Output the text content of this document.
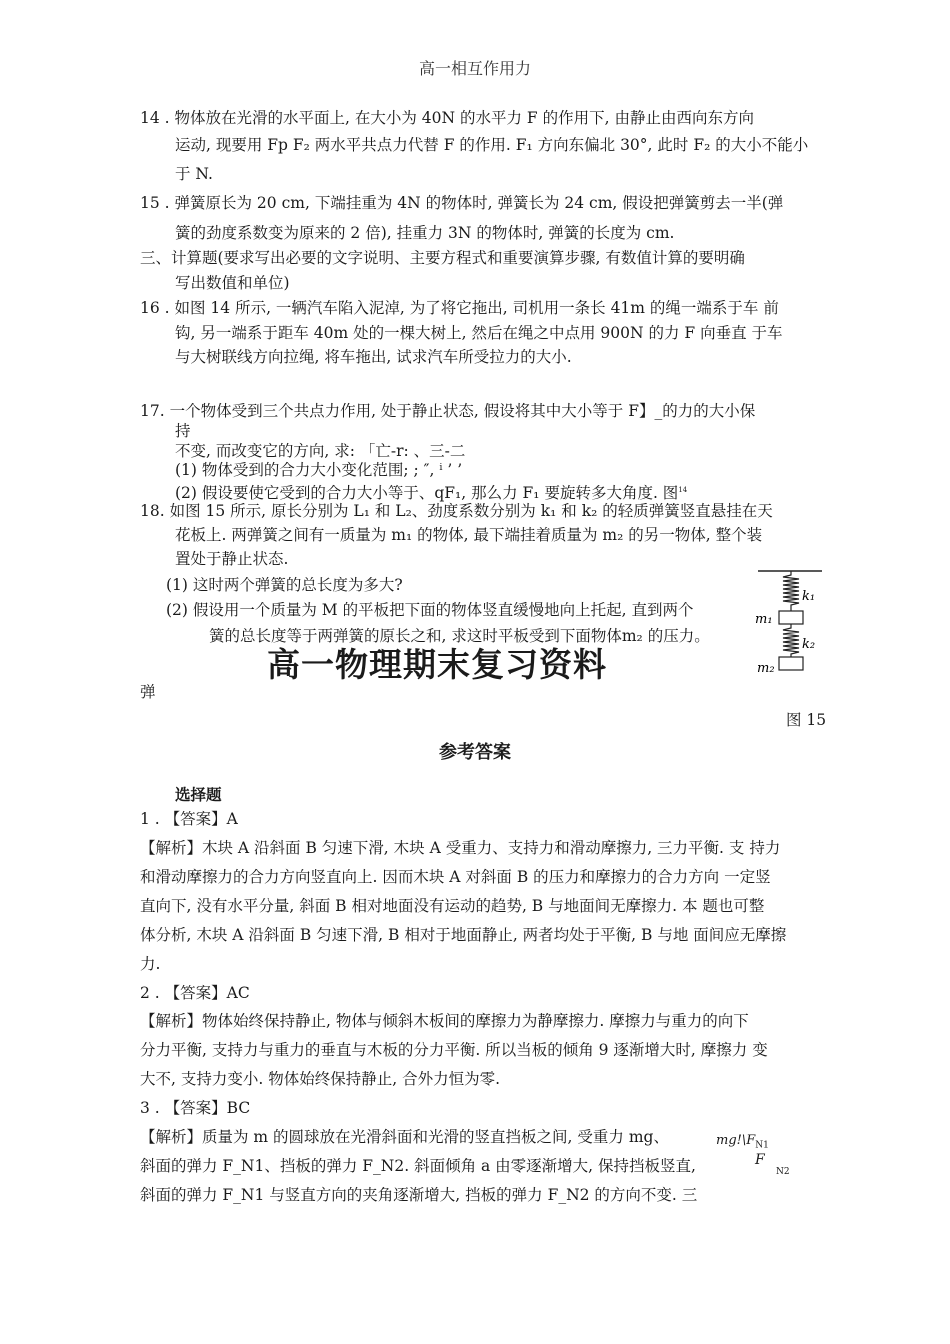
高一相互作用力
14 . 物体放在光滑的水平面上, 在大小为 40N 的水平力 F 的作用下, 由静止由西向东方向
运动, 现要用 Fp F₂ 两水平共点力代替 F 的作用. F₁ 方向东偏北 30°, 此时 F₂ 的大小不能小
于 N.
15 . 弹簧原长为 20 cm, 下端挂重为 4N 的物体时, 弹簧长为 24 cm, 假设把弹簧剪去一半(弹
簧的劲度系数变为原来的 2 倍), 挂重力 3N 的物体时, 弹簧的长度为 cm.
三、计算题(要求写出必要的文字说明、主要方程式和重要演算步骤, 有数值计算的要明确
写出数值和单位)
16 . 如图 14 所示, 一辆汽车陷入泥淖, 为了将它拖出, 司机用一条长 41m 的绳一端系于车 前
钩, 另一端系于距车 40m 处的一棵大树上, 然后在绳之中点用 900N 的力 F 向垂直 于车
与大树联线方向拉绳, 将车拖出, 试求汽车所受拉力的大小.
17. 一个物体受到三个共点力作用, 处于静止状态, 假设将其中大小等于 F】_的力的大小保
持
不变, 而改变它的方向, 求: 「亡-r: 、三-二
(1) 物体受到的合力大小变化范围; ; ″, ⁱ ’ ’
(2) 假设要使它受到的合力大小等于、qF₁, 那么力 F₁ 要旋转多大角度. 图$^{14}$
18. 如图 15 所示, 原长分别为 L₁ 和 L₂、劲度系数分别为 k₁ 和 k₂ 的轻质弹簧竖直悬挂在天
花板上. 两弹簧之间有一质量为 m₁ 的物体, 最下端挂着质量为 m₂ 的另一物体, 整个装
置处于静止状态.
(1) 这时两个弹簧的总长度为多大?
(2) 假设用一个质量为 M 的平板把下面的物体竖直缓慢地向上托起, 直到两个
簧的总长度等于两弹簧的原长之和, 求这时平板受到下面物体m₂ 的压力。
弹
高一物理期末复习资料
k₁
m₁
k₂
m₂
图 15
参考答案
选择题
1 . 【答案】A
【解析】木块 A 沿斜面 B 匀速下滑, 木块 A 受重力、支持力和滑动摩擦力, 三力平衡. 支 持力
和滑动摩擦力的合力方向竖直向上. 因而木块 A 对斜面 B 的压力和摩擦力的合力方向 一定竖
直向下, 没有水平分量, 斜面 B 相对地面没有运动的趋势, B 与地面间无摩擦力. 本 题也可整
体分析, 木块 A 沿斜面 B 匀速下滑, B 相对于地面静止, 两者均处于平衡, B 与地 面间应无摩擦
力.
2 . 【答案】AC
【解析】物体始终保持静止, 物体与倾斜木板间的摩擦力为静摩擦力. 摩擦力与重力的向下
分力平衡, 支持力与重力的垂直与木板的分力平衡. 所以当板的倾角 9 逐渐增大时, 摩擦力 变
大不, 支持力变小. 物体始终保持静止, 合外力恒为零.
3 . 【答案】BC
【解析】质量为 m 的圆球放在光滑斜面和光滑的竖直挡板之间, 受重力 mg、
斜面的弹力 F_N1、挡板的弹力 F_N2. 斜面倾角 a 由零逐渐增大, 保持挡板竖直,
斜面的弹力 F_N1 与竖直方向的夹角逐渐增大, 挡板的弹力 F_N2 的方向不变. 三
$mg!\backslash F_{N1}$
F
N2
